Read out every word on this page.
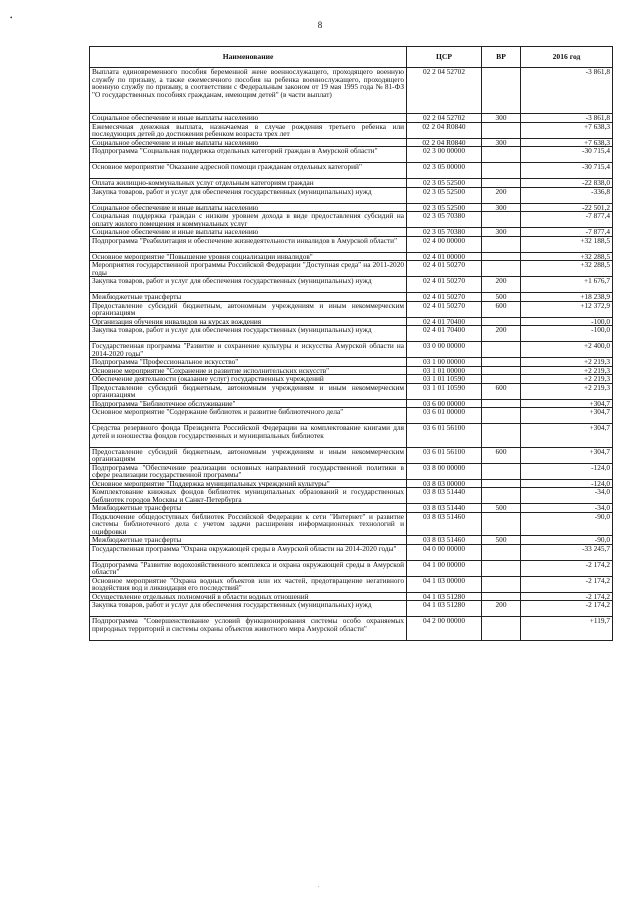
•
8
Наименование	ЦСР	ВР	2016 год
Выплата единовременного пособия беременной жене военнослужащего, проходящего военную службу по призыву, а также ежемесячного пособия на ребенка военнослужащего, проходящего военную службу по призыву, в соответствии с Федеральным законом от 19 мая 1995 года № 81-ФЗ "О государственных пособиях гражданам, имеющим детей" (в части выплат)	02 2 04 52702		-3 861,8
Социальное обеспечение и иные выплаты населению	02 2 04 52702	300	-3 861,8
Ежемесячная денежная выплата, назначаемая в случае рождения третьего ребенка или последующих детей до достижения ребенком возраста трех лет	02 2 04 R0840		+7 638,3
Социальное обеспечение и иные выплаты населению	02 2 04 R0840	300	+7 638,3
Подпрограмма "Социальная поддержка отдельных категорий граждан в Амурской области"	02 3 00 00000		-30 715,4
Основное мероприятие "Оказание адресной помощи гражданам отдельных категорий"	02 3 05 00000		-30 715,4
Оплата жилищно-коммунальных услуг отдельным категориям граждан	02 3 05 52500		-22 838,0
Закупка товаров, работ и услуг для обеспечения государственных (муниципальных) нужд	02 3 05 52500	200	-336,8
Социальное обеспечение и иные выплаты населению	02 3 05 52500	300	-22 501,2
Социальная поддержка граждан с низким уровнем дохода в виде предоставления субсидий на оплату жилого помещения и коммунальных услуг	02 3 05 70380		-7 877,4
Социальное обеспечение и иные выплаты населению	02 3 05 70380	300	-7 877,4
Подпрограмма "Реабилитация и обеспечение жизнедеятельности инвалидов в Амурской области"	02 4 00 00000		+32 188,5
Основное мероприятие "Повышение уровня социализации инвалидов"	02 4 01 00000		+32 288,5
Мероприятия государственной программы Российской Федерации "Доступная среда" на 2011-2020 годы	02 4 01 50270		+32 288,5
Закупка товаров, работ и услуг для обеспечения государственных (муниципальных) нужд	02 4 01 50270	200	+1 676,7
Межбюджетные трансферты	02 4 01 50270	500	+18 238,9
Предоставление субсидий бюджетным, автономным учреждениям и иным некоммерческим организациям	02 4 01 50270	600	+12 372,9
Организация обучения инвалидов на курсах вождения	02 4 01 70400		-100,0
Закупка товаров, работ и услуг для обеспечения государственных (муниципальных) нужд	02 4 01 70400	200	-100,0
Государственная программа "Развитие и сохранение культуры и искусства Амурской области на 2014-2020 годы"	03 0 00 00000		+2 400,0
Подпрограмма "Профессиональное искусство"	03 1 00 00000		+2 219,3
Основное мероприятие "Сохранение и развитие исполнительских искусств"	03 1 01 00000		+2 219,3
Обеспечение деятельности (оказание услуг) государственных учреждений	03 1 01 10590		+2 219,3
Предоставление субсидий бюджетным, автономным учреждениям и иным некоммерческим организациям	03 1 01 10590	600	+2 219,3
Подпрограмма "Библиотечное обслуживание"	03 6 00 00000		+304,7
Основное мероприятие "Содержание библиотек и развитие библиотечного дела"	03 6 01 00000		+304,7
Средства резервного фонда Президента Российской Федерации на комплектование книгами для детей и юношества фондов государственных и муниципальных библиотек	03 6 01 56100		+304,7
Предоставление субсидий бюджетным, автономным учреждениям и иным некоммерческим организациям	03 6 01 56100	600	+304,7
Подпрограмма "Обеспечение реализации основных направлений государственной политики в сфере реализации государственной программы"	03 8 00 00000		-124,0
Основное мероприятие "Поддержка муниципальных учреждений культуры"	03 8 03 00000		-124,0
Комплектование книжных фондов библиотек муниципальных образований и государственных библиотек городов Москвы и Санкт-Петербурга	03 8 03 51440		-34,0
Межбюджетные трансферты	03 8 03 51440	500	-34,0
Подключение общедоступных библиотек Российской Федерации к сети "Интернет" и развитие системы библиотечного дела с учетом задачи расширения информационных технологий и оцифровки	03 8 03 51460		-90,0
Межбюджетные трансферты	03 8 03 51460	500	-90,0
Государственная программа "Охрана окружающей среды в Амурской области на 2014-2020 годы"	04 0 00 00000		-33 245,7
Подпрограмма "Развитие водохозяйственного комплекса и охрана окружающей среды в Амурской области"	04 1 00 00000		-2 174,2
Основное мероприятие "Охрана водных объектов или их частей, предотвращение негативного воздействия вод и ликвидация его последствий"	04 1 03 00000		-2 174,2
Осуществление отдельных полномочий в области водных отношений	04 1 03 51280		-2 174,2
Закупка товаров, работ и услуг для обеспечения государственных (муниципальных) нужд	04 1 03 51280	200	-2 174,2
Подпрограмма "Совершенствование условий функционирования системы особо охраняемых природных территорий и системы охраны объектов животного мира Амурской области"	04 2 00 00000		+119,7
.
